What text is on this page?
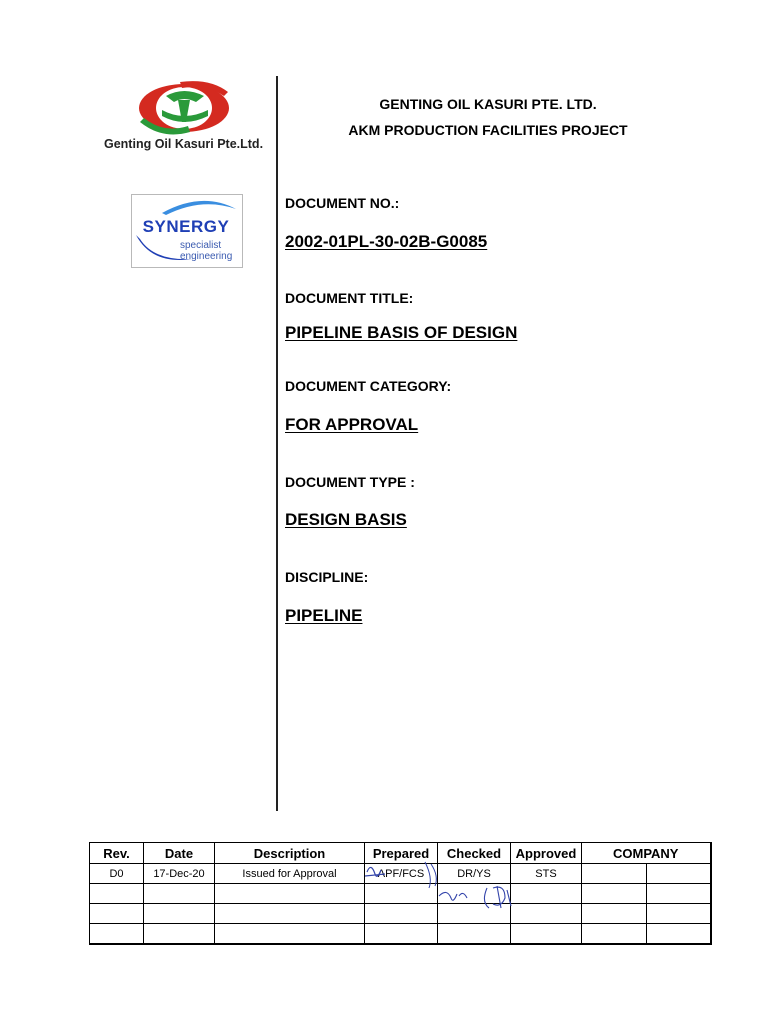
Genting Oil Kasuri Pte.Ltd.
SYNERGY
specialist
engineering
GENTING OIL KASURI PTE. LTD.
AKM PRODUCTION FACILITIES PROJECT
DOCUMENT NO.:
2002-01PL-30-02B-G0085
DOCUMENT TITLE:
PIPELINE BASIS OF DESIGN
DOCUMENT CATEGORY:
FOR APPROVAL
DOCUMENT TYPE :
DESIGN BASIS
DISCIPLINE:
PIPELINE
Rev.	Date	Description	Prepared	Checked	Approved	COMPANY	
D0	17-Dec-20	Issued for Approval	APF/FCS	DR/YS	STS		
